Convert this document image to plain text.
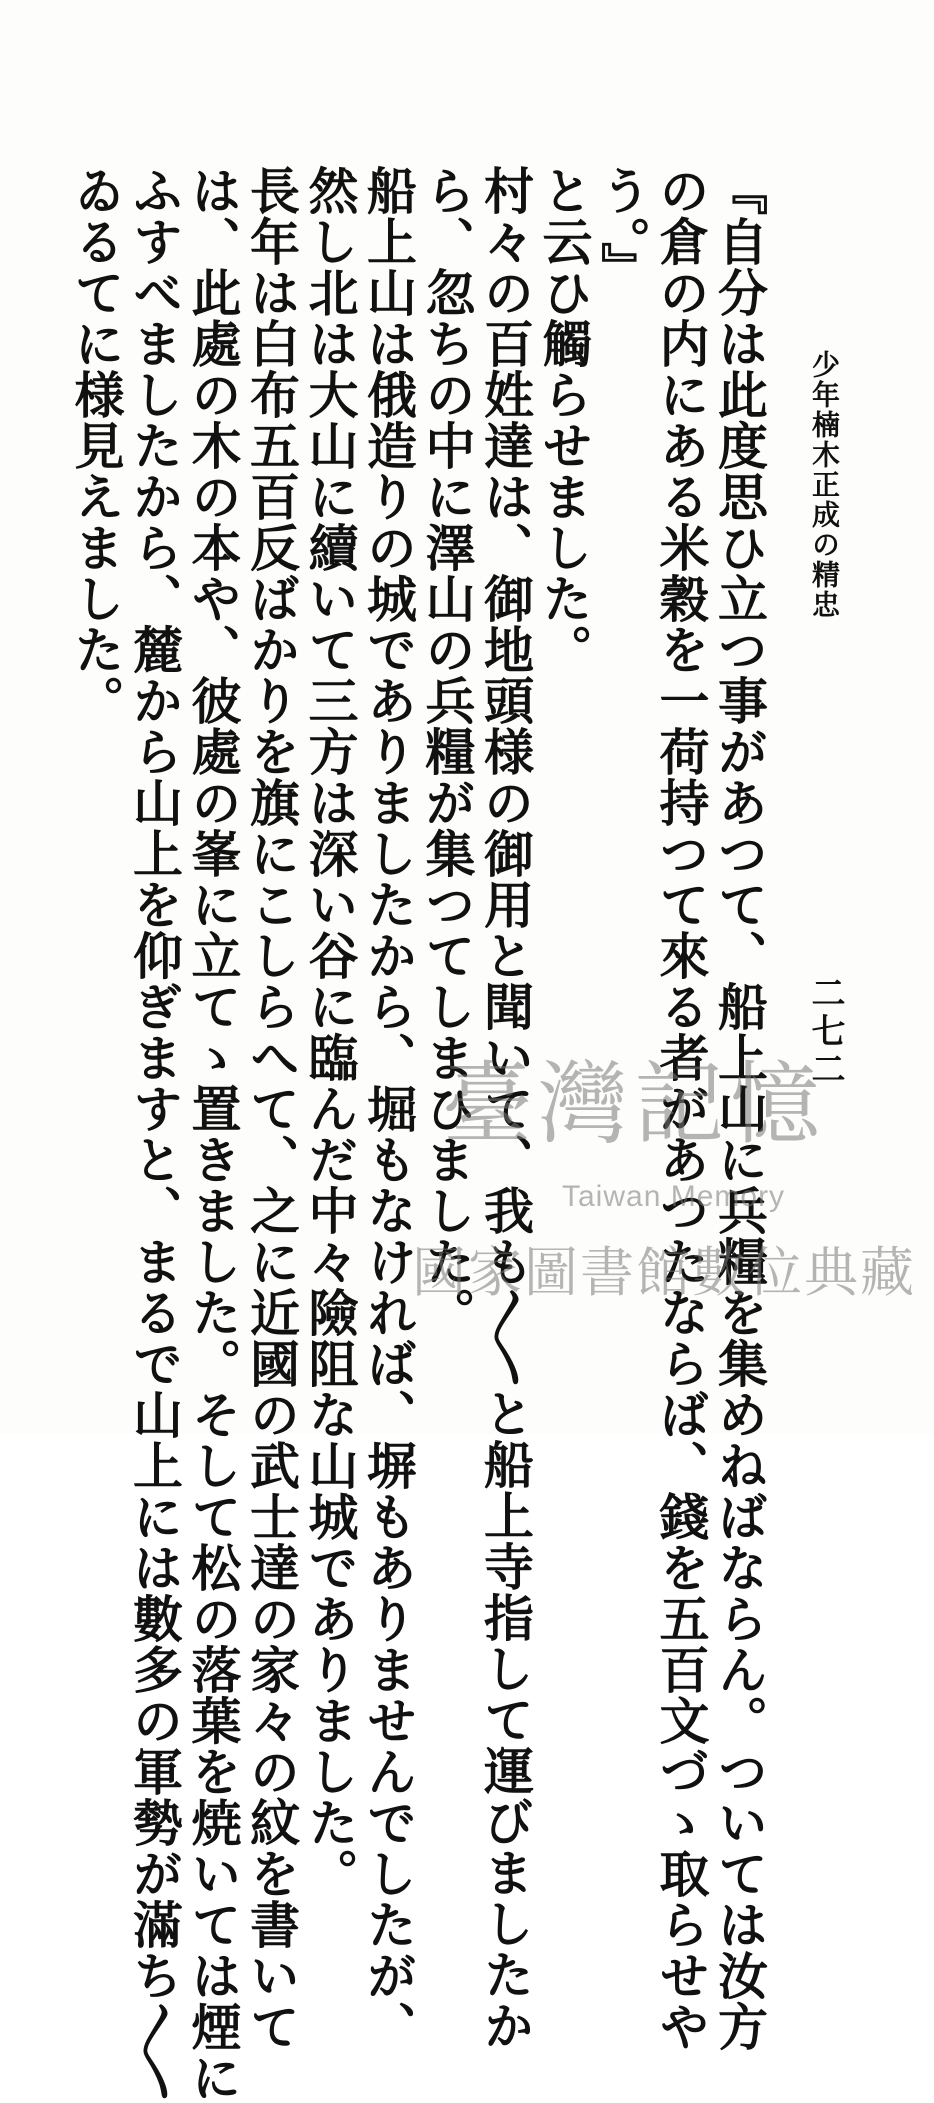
少年楠木正成の精忠
二七二
『自分は此度思ひ立つ事があつて、船上山に兵糧を集めねばならん。ついては汝方
の倉の内にある米穀を一荷持つて來る者があつたならば、錢を五百文づゝ取らせや
う。』
と云ひ觸らせました。
村々の百姓達は、御地頭様の御用と聞いて、我も〳〵と船上寺指して運びましたか
ら、忽ちの中に澤山の兵糧が集つてしまひました。
船上山は俄造りの城でありましたから、堀もなければ、塀もありませんでしたが、
然し北は大山に續いて三方は深い谷に臨んだ中々險阻な山城でありました。
長年は白布五百反ばかりを旗にこしらへて、之に近國の武士達の家々の紋を書いて
は、此處の木の本や、彼處の峯に立てゝ置きました。そして松の落葉を焼いては煙に
ふすべましたから、麓から山上を仰ぎますと、まるで山上には數多の軍勢が滿ち〳〵
ゐるてに様見えました。
臺灣記憶
Taiwan Memory
國家圖書館數位典藏
